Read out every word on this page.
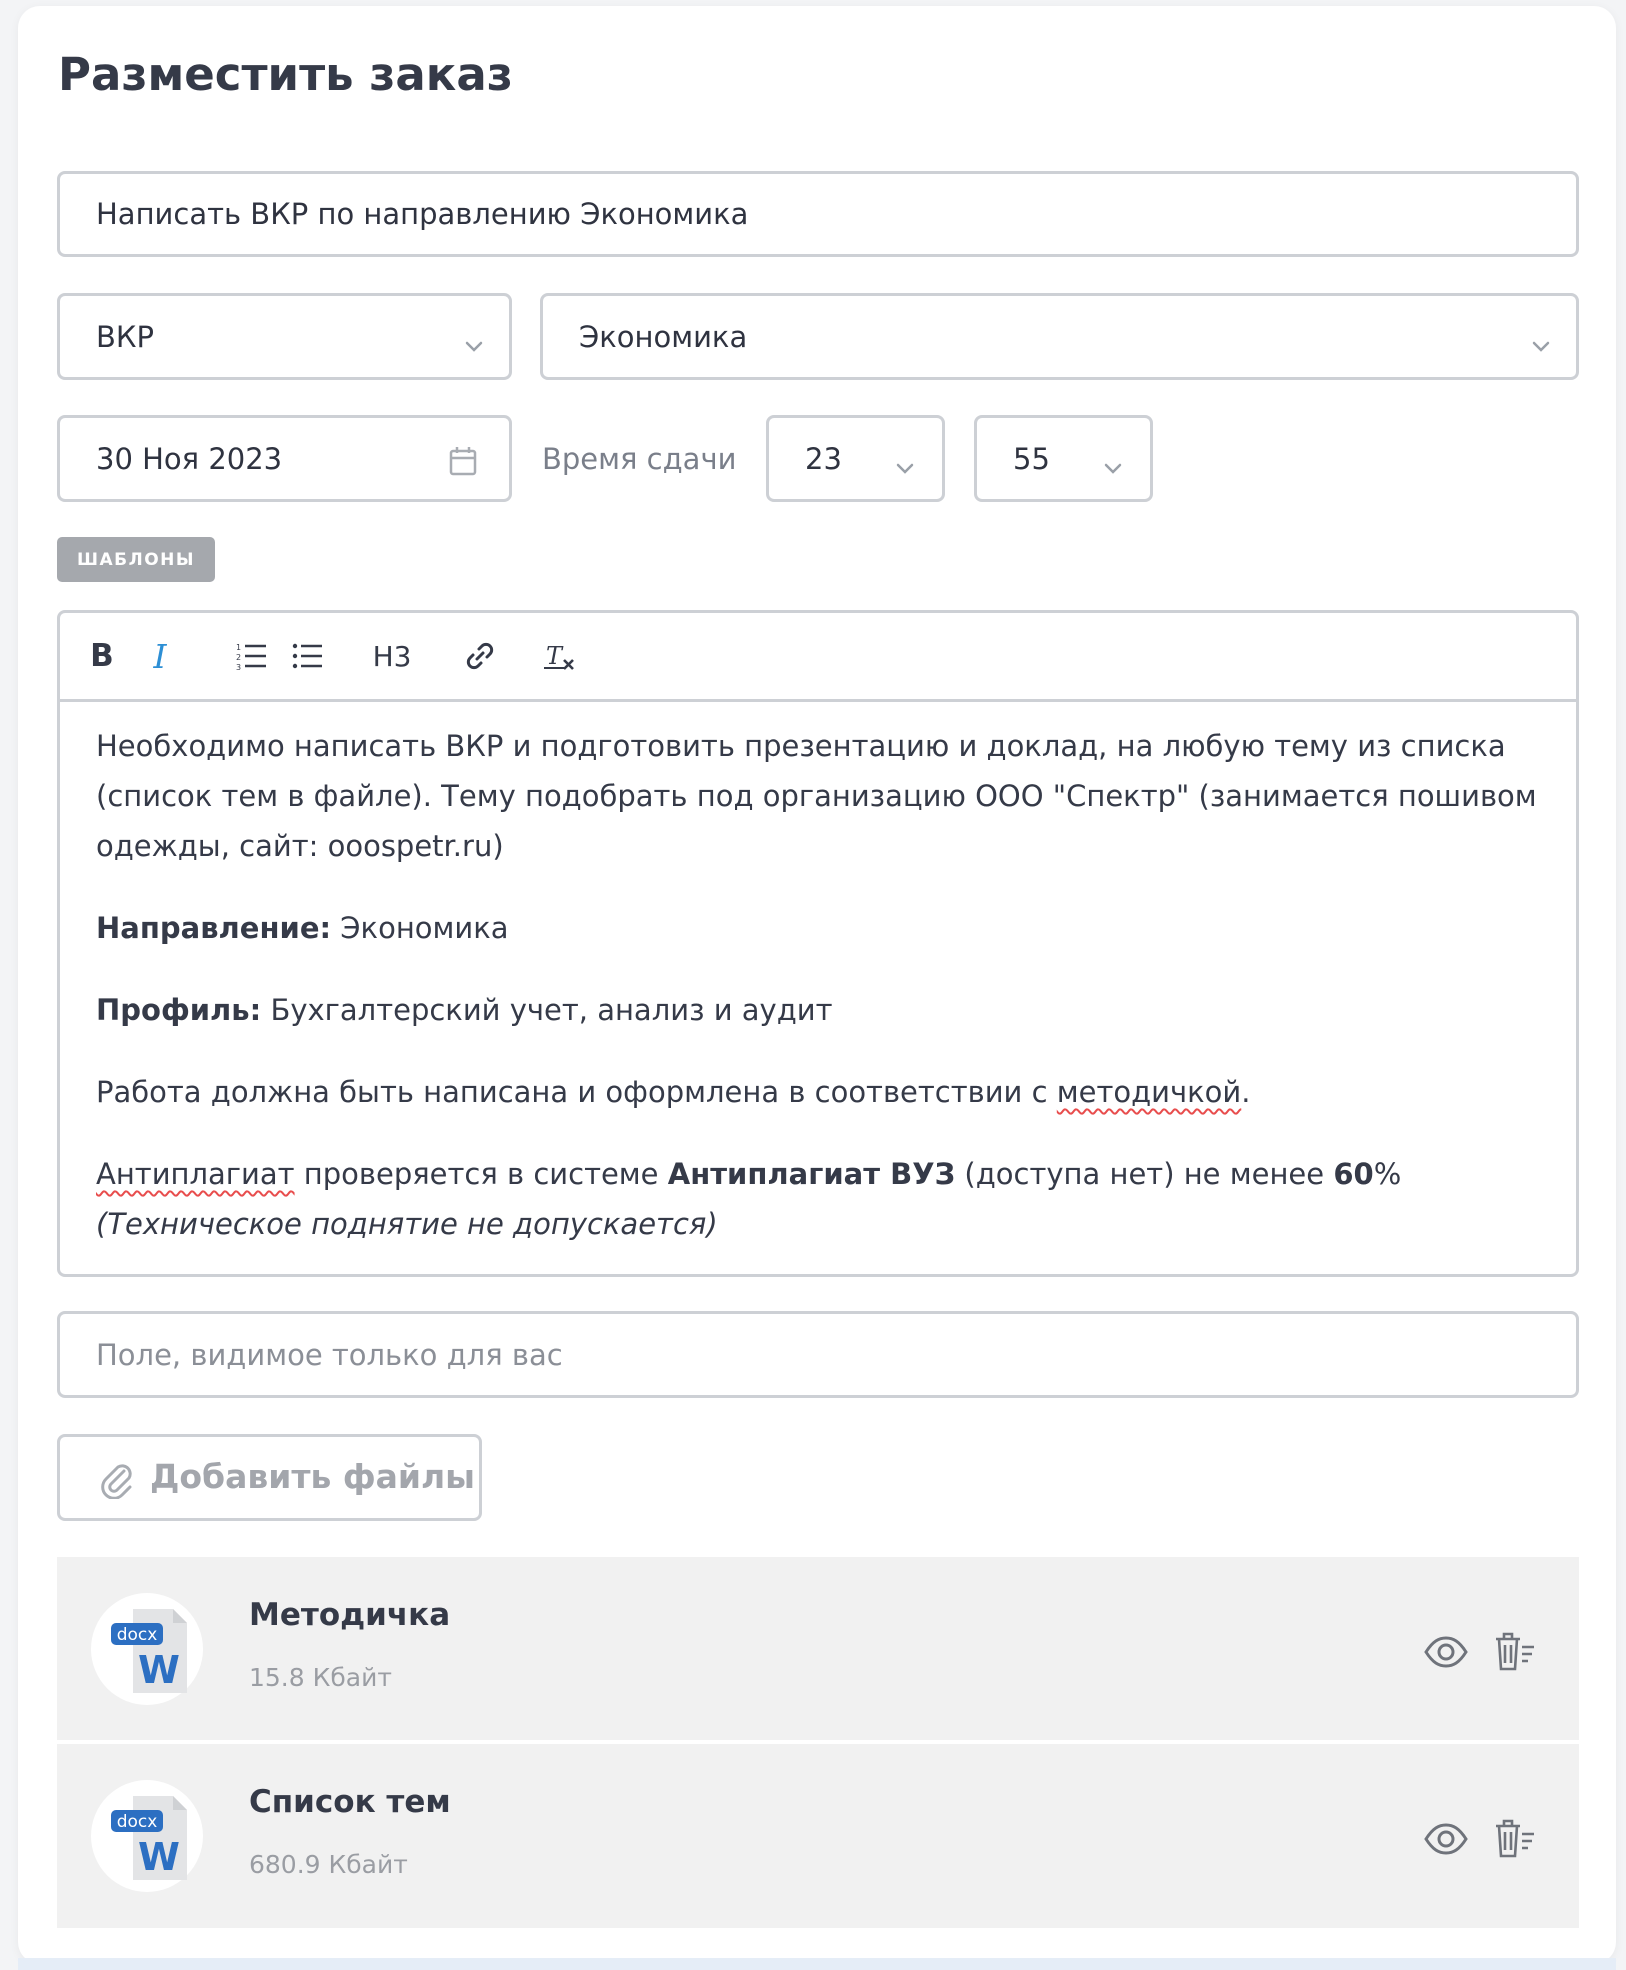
Разместить заказ
Написать ВКР по направлению Экономика
ВКР	Экономика
30 Ноя 2023	Время сдачи 23	55
ШАБЛОНЫ
B I	1
2
3	H3	T

Необходимо написать ВКР и подготовить презентацию и доклад, на любую тему из списка (список тем в файле). Тему подобрать под организацию ООО "Спектр" (занимается пошивом одежды, сайт: ooospetr.ru)

Направление: Экономика

Профиль: Бухгалтерский учет, анализ и аудит

Работа должна быть написана и оформлена в соответствии с методичкой.

Антиплагиат проверяется в системе Антиплагиат ВУЗ (доступа нет) не менее 60%
(Техническое поднятие не допускается)

Поле, видимое только для вас
Добавить файлы
docx
W
Методичка
15.8 Кбайт
docx
W
Список тем
680.9 Кбайт
